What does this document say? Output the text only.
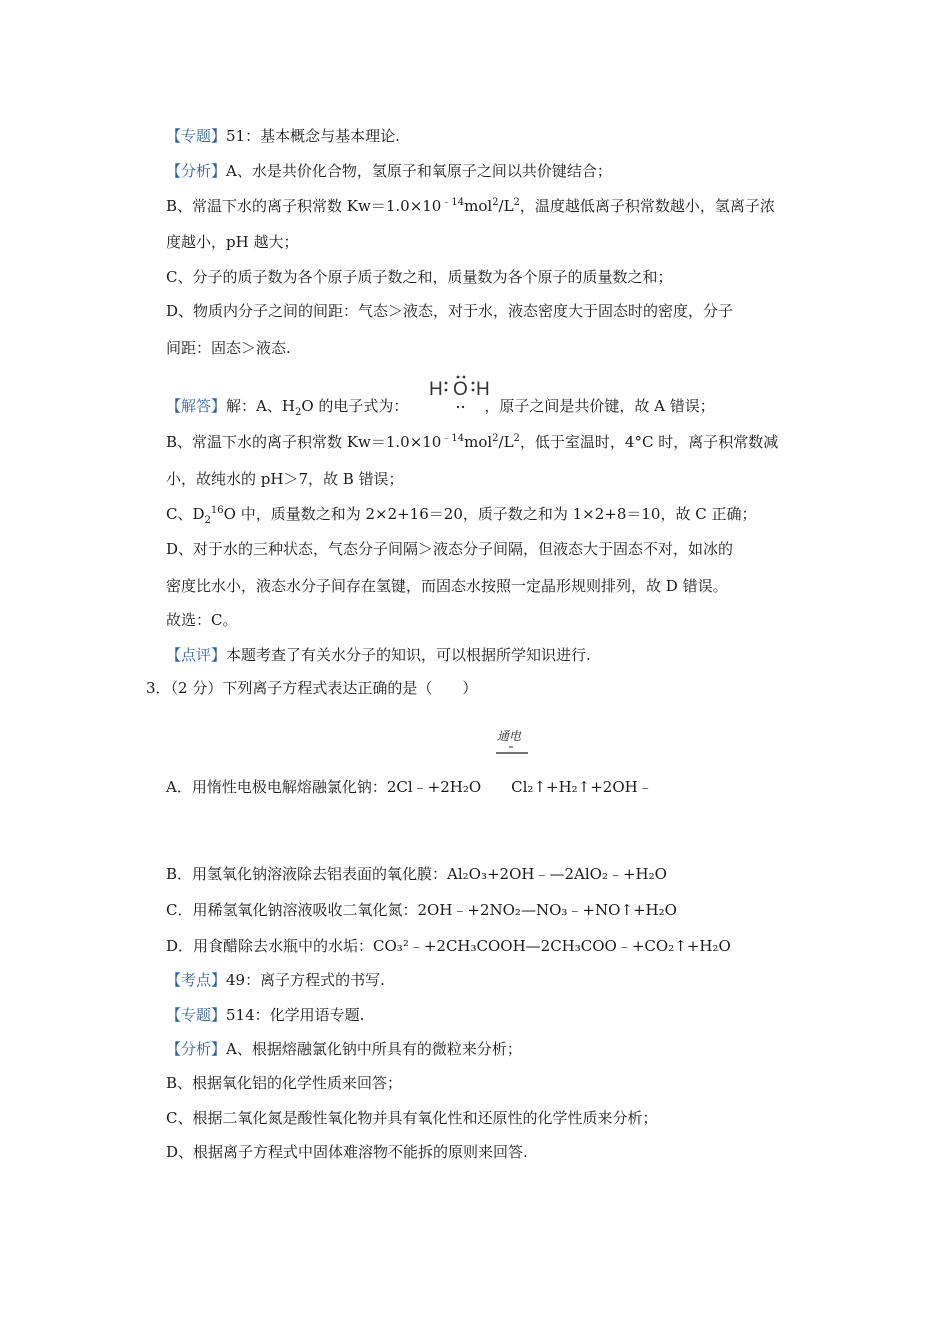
【专题】51：基本概念与基本理论.
【分析】A、水是共价化合物，氢原子和氧原子之间以共价键结合；
B、常温下水的离子积常数 $Kw=1.0\times 10^{﹣14}mol^2/L^2$，温度越低离子积常数越小，氢离子浓
度越小，pH 越大；
C、分子的质子数为各个原子质子数之和，质量数为各个原子的质量数之和；
D、物质内分子之间的间距：气态＞液态，对于水，液态密度大于固态时的密度，分子
间距：固态＞液态.
H O H
【解答】解：A、$H_2O$ 的电子式为：	，原子之间是共价键，故 A 错误；
B、常温下水的离子积常数 $Kw=1.0\times 10^{﹣14}mol^2/L^2$，低于室温时，4°C 时，离子积常数减
小，故纯水的 pH＞7，故 B 错误；
C、$D_2^{16}O$ 中，质量数之和为 2×2+16＝20，质子数之和为 1×2+8＝10，故 C 正确；
D、对于水的三种状态，气态分子间隔＞液态分子间隔，但液态大于固态不对，如冰的
密度比水小，液态水分子间存在氢键，而固态水按照一定晶形规则排列，故 D 错误。
故选：C。
【点评】本题考查了有关水分子的知识，可以根据所学知识进行.
3．（2 分）下列离子方程式表达正确的是（　　）
通电
A．用惰性电极电解熔融氯化钠：2Cl﹣+2H₂O　　Cl₂↑+H₂↑+2OH﹣
B．用氢氧化钠溶液除去铝表面的氧化膜：Al₂O₃+2OH﹣—2AlO₂﹣+H₂O
C．用稀氢氧化钠溶液吸收二氧化氮：2OH﹣+2NO₂—NO₃﹣+NO↑+H₂O
D．用食醋除去水瓶中的水垢：CO₃²﹣+2CH₃COOH—2CH₃COO﹣+CO₂↑+H₂O
【考点】49：离子方程式的书写.
【专题】514：化学用语专题.
【分析】A、根据熔融氯化钠中所具有的微粒来分析；
B、根据氧化铝的化学性质来回答；
C、根据二氧化氮是酸性氧化物并具有氧化性和还原性的化学性质来分析；
D、根据离子方程式中固体难溶物不能拆的原则来回答.
